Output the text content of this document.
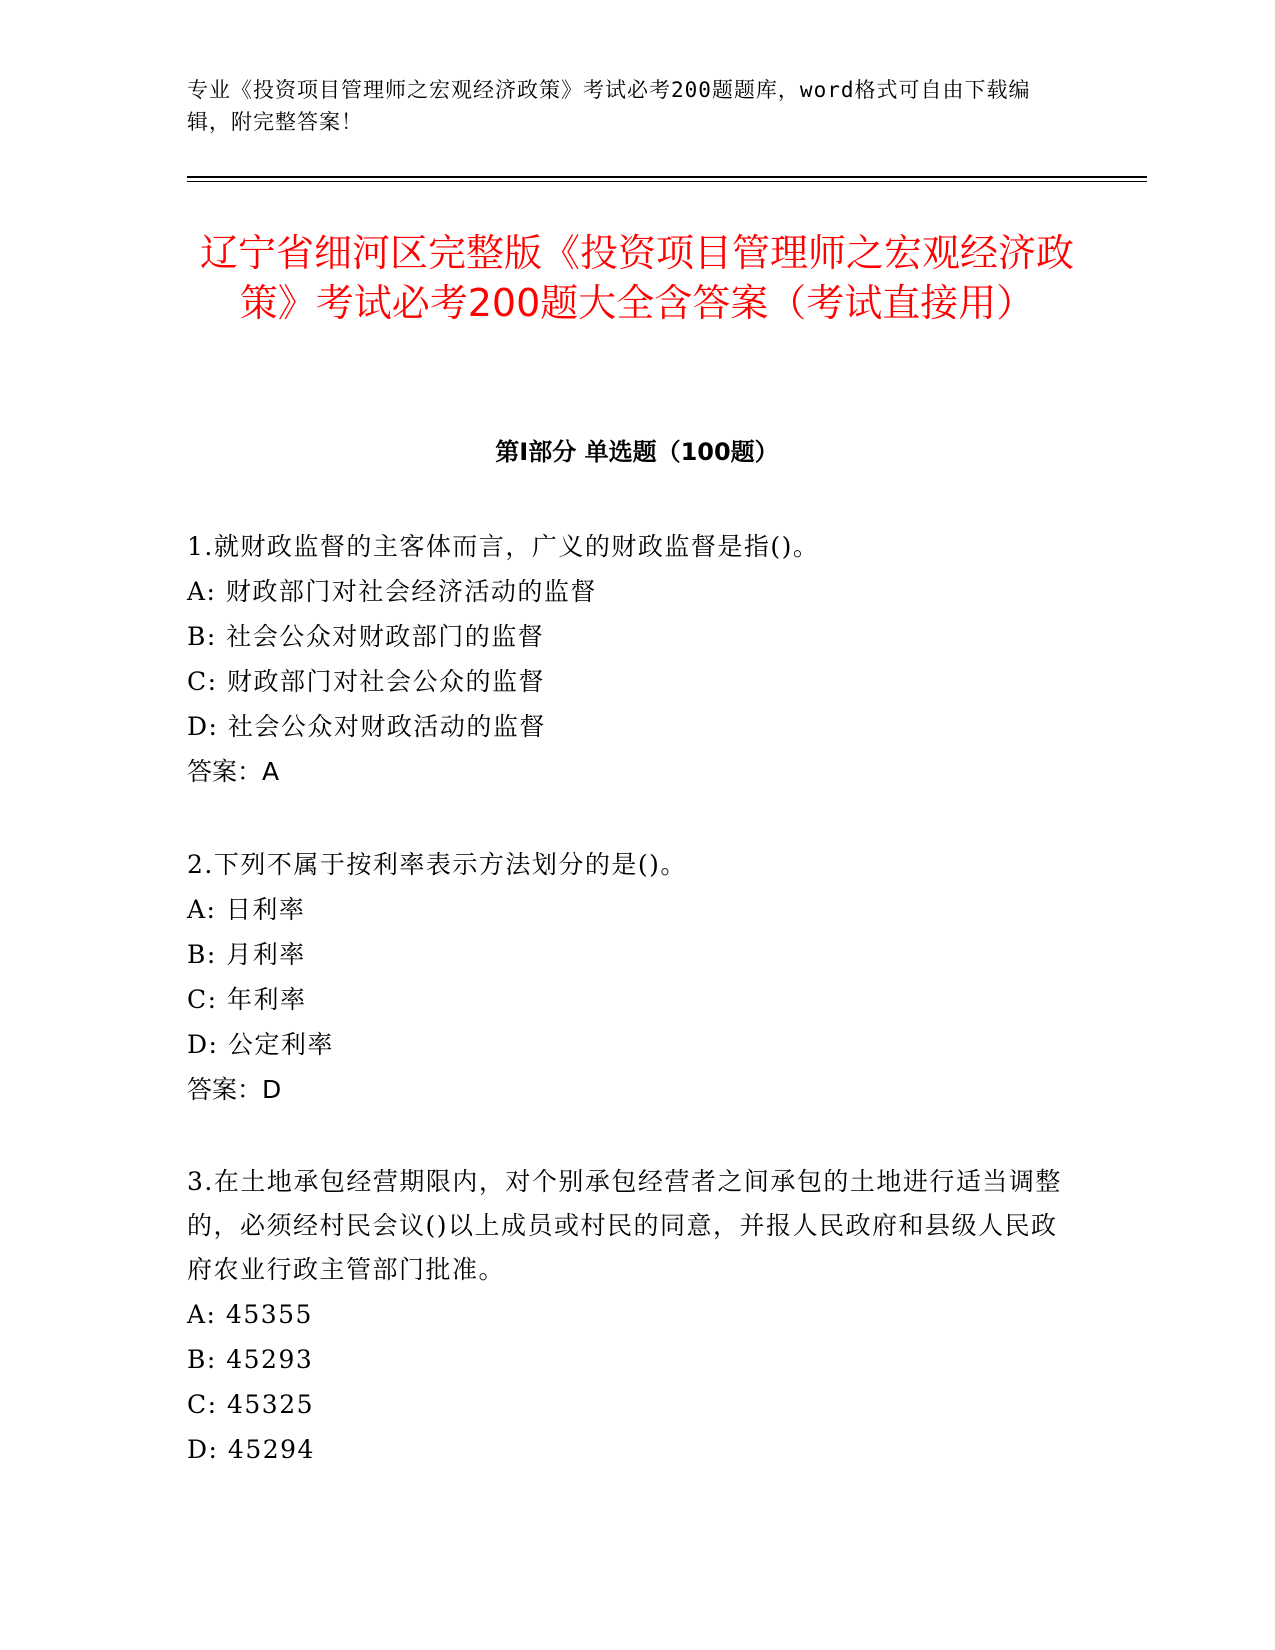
专业《投资项目管理师之宏观经济政策》考试必考200题题库，word格式可自由下载编辑，附完整答案！
辽宁省细河区完整版《投资项目管理师之宏观经济政策》考试必考200题大全含答案（考试直接用）
第Ⅰ部分 单选题（100题）

1.就财政监督的主客体而言，广义的财政监督是指()。

A: 财政部门对社会经济活动的监督

B: 社会公众对财政部门的监督

C: 财政部门对社会公众的监督

D: 社会公众对财政活动的监督

答案：A

2.下列不属于按利率表示方法划分的是()。

A: 日利率

B: 月利率

C: 年利率

D: 公定利率

答案：D

3.在土地承包经营期限内，对个别承包经营者之间承包的土地进行适当调整的，必须经村民会议()以上成员或村民的同意，并报人民政府和县级人民政府农业行政主管部门批准。

A: 45355

B: 45293

C: 45325

D: 45294
